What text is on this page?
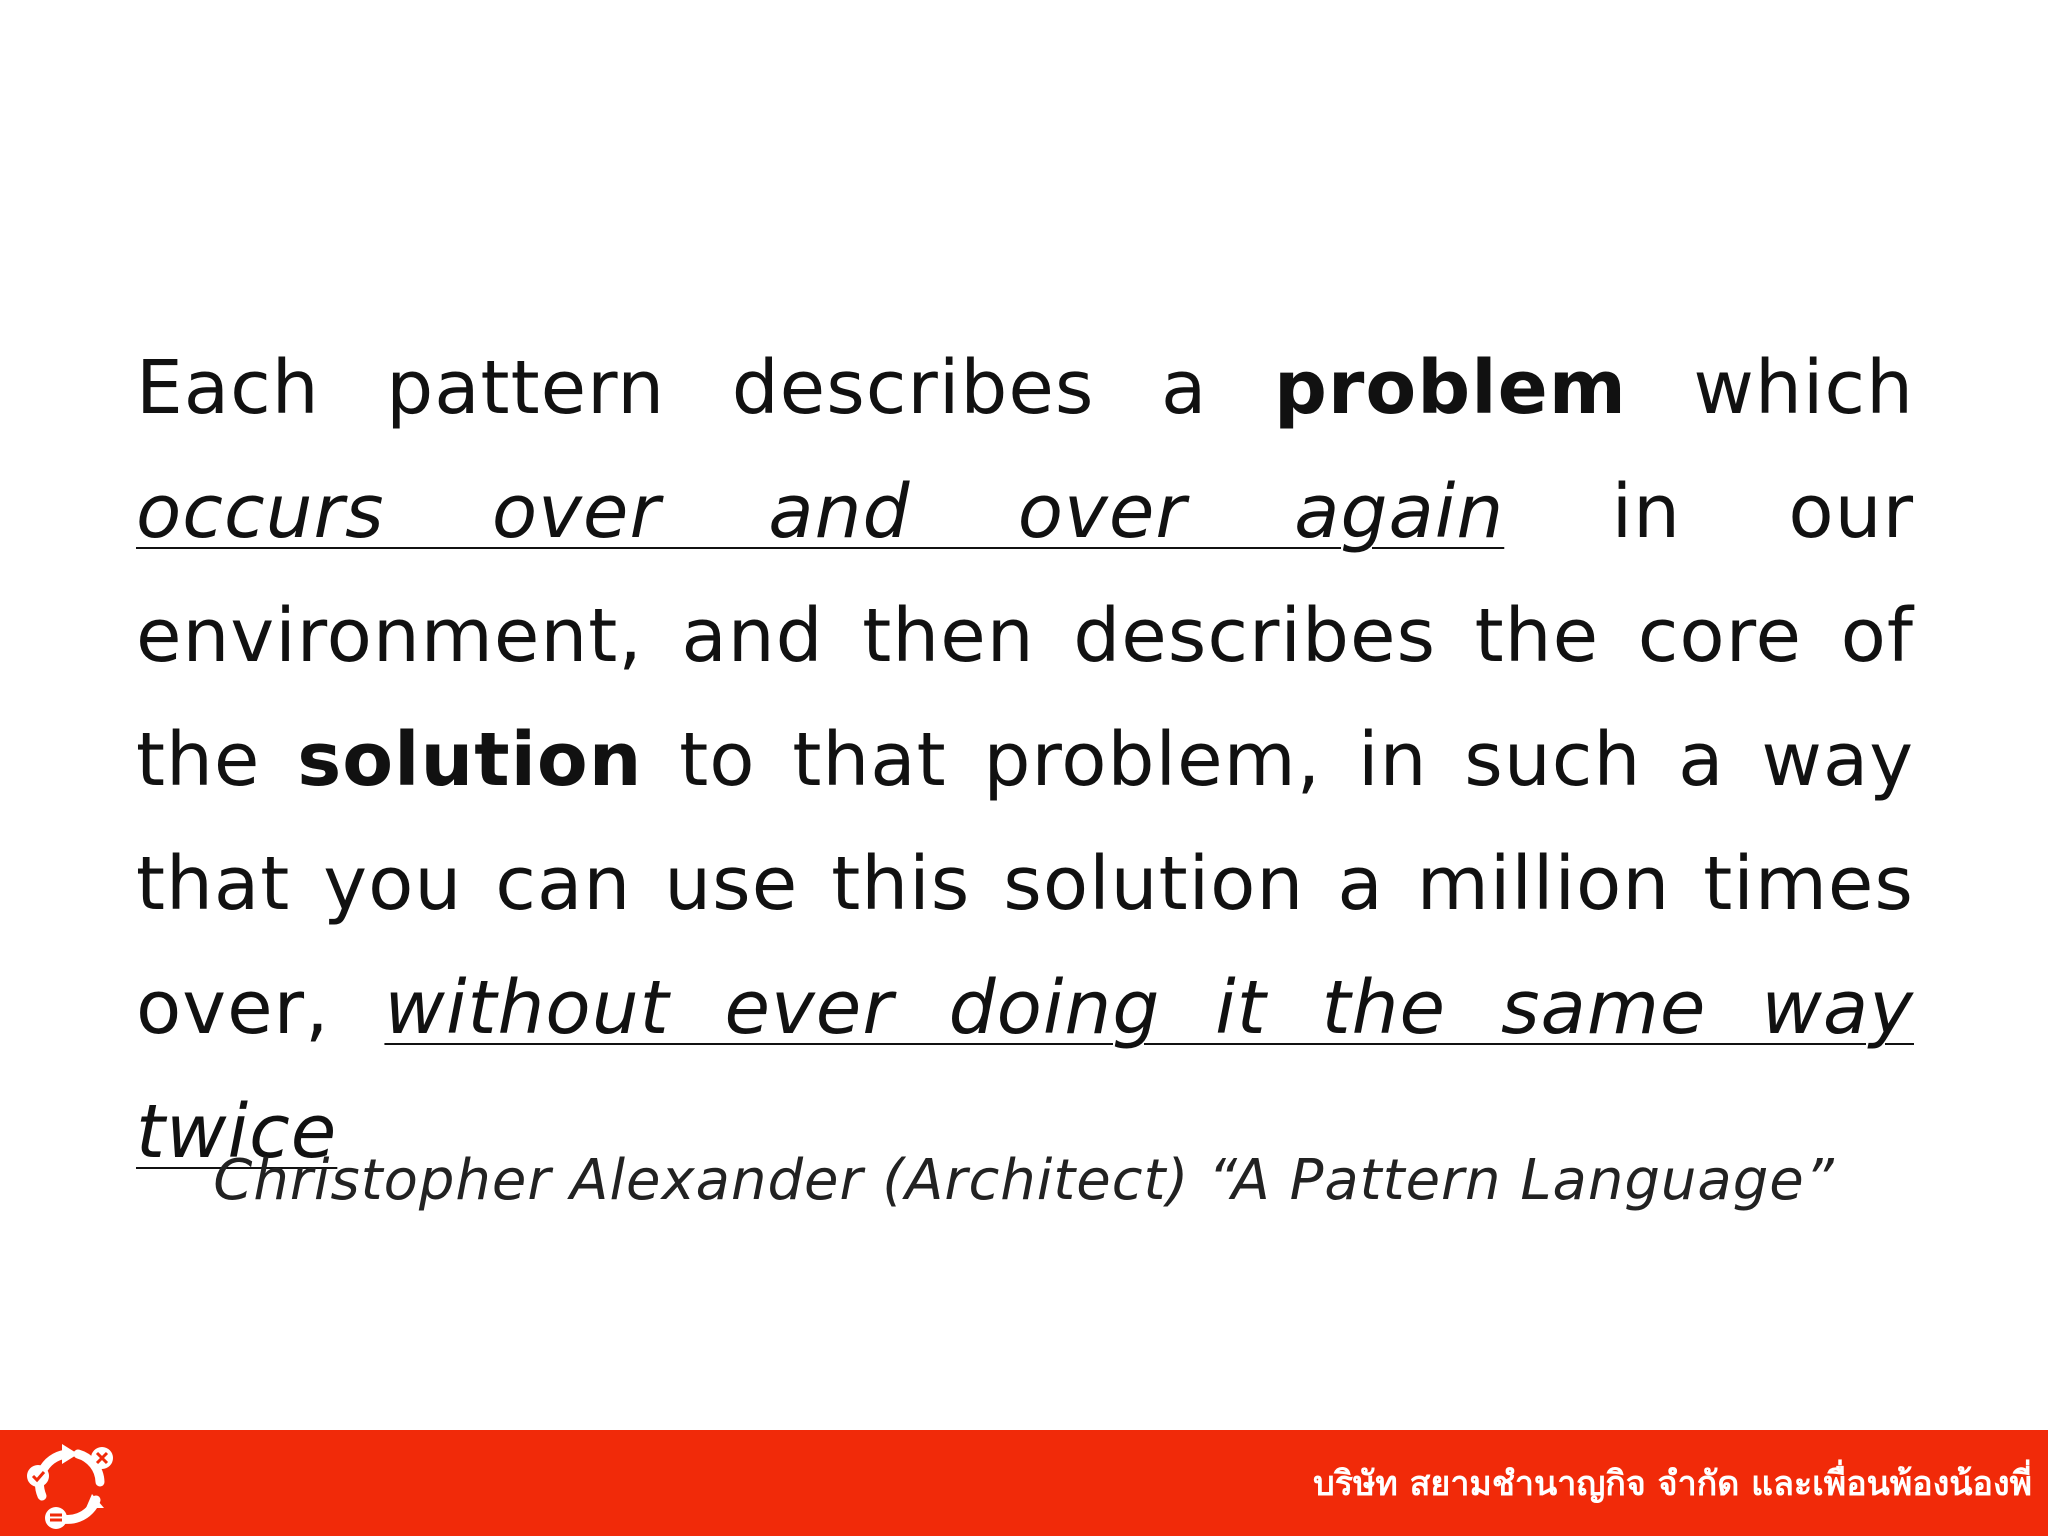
Each pattern describes a problem which occurs over and over again in our environment, and then describes the core of the solution to that problem, in such a way that you can use this solution a million times over, without ever doing it the same way twice

Christopher Alexander (Architect) “A Pattern Language”
บริษัท สยามชำนาญกิจ จำกัด และเพื่อนพ้องน้องพี่
